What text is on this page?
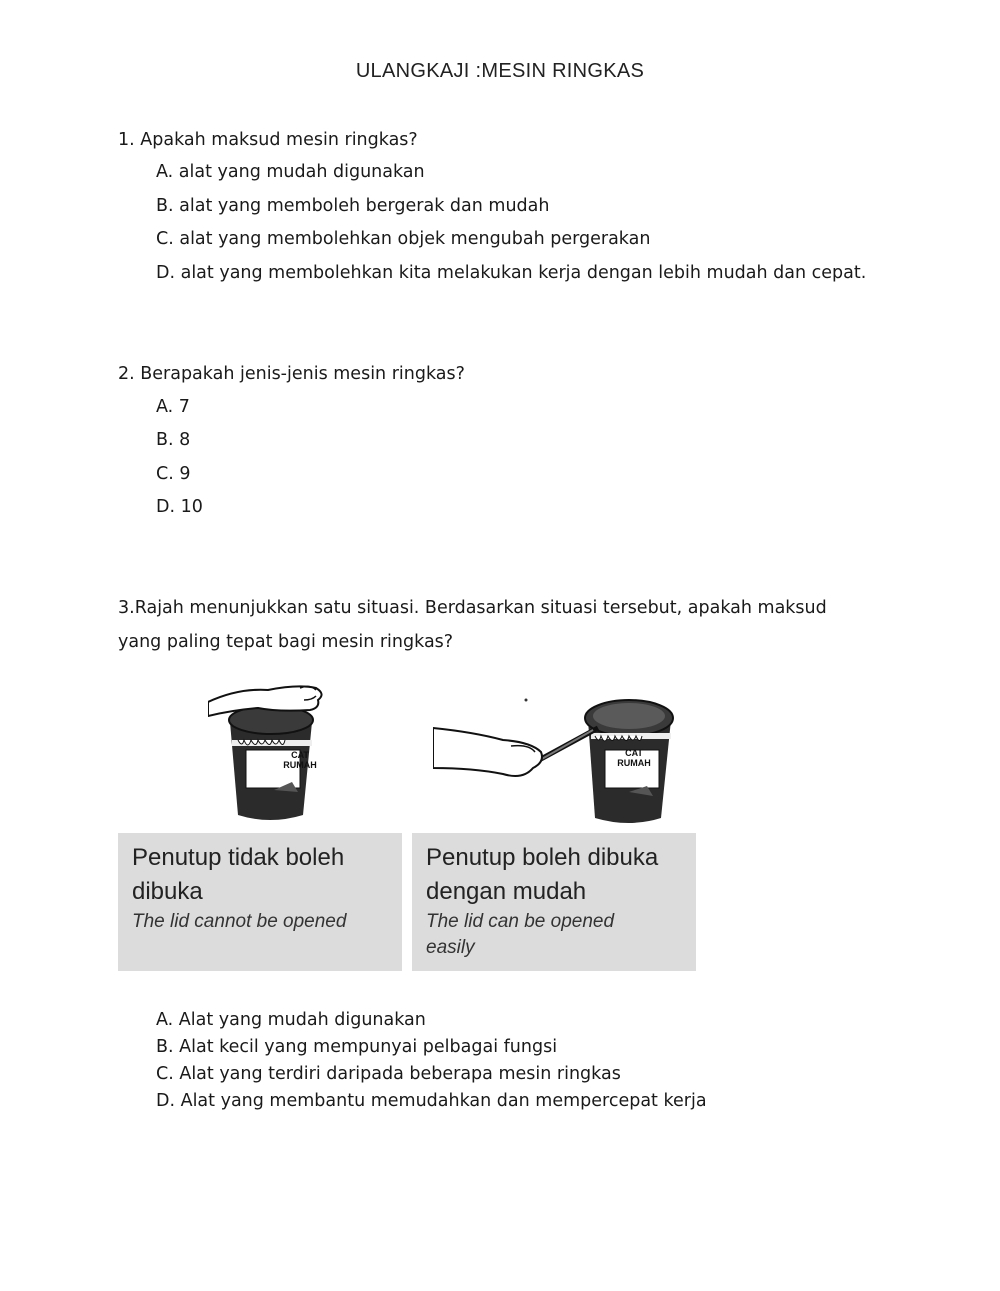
ULANGKAJI :MESIN RINGKAS
1. Apakah maksud mesin ringkas?
A. alat yang mudah digunakan
B. alat yang memboleh bergerak dan mudah
C. alat yang membolehkan objek mengubah pergerakan
D. alat yang membolehkan kita melakukan kerja dengan lebih mudah dan cepat.
2. Berapakah jenis-jenis mesin ringkas?
A. 7
B. 8
C. 9
D. 10
3.Rajah menunjukkan satu situasi. Berdasarkan situasi tersebut, apakah maksud
yang paling tepat bagi mesin ringkas?
CAT
RUMAH
CAT
RUMAH
Penutup tidak boleh
dibuka
The lid cannot be opened
Penutup boleh dibuka
dengan mudah
The lid can be opened
easily
A. Alat yang mudah digunakan
B. Alat kecil yang mempunyai pelbagai fungsi
C. Alat yang terdiri daripada beberapa mesin ringkas
D. Alat yang membantu memudahkan dan mempercepat kerja
